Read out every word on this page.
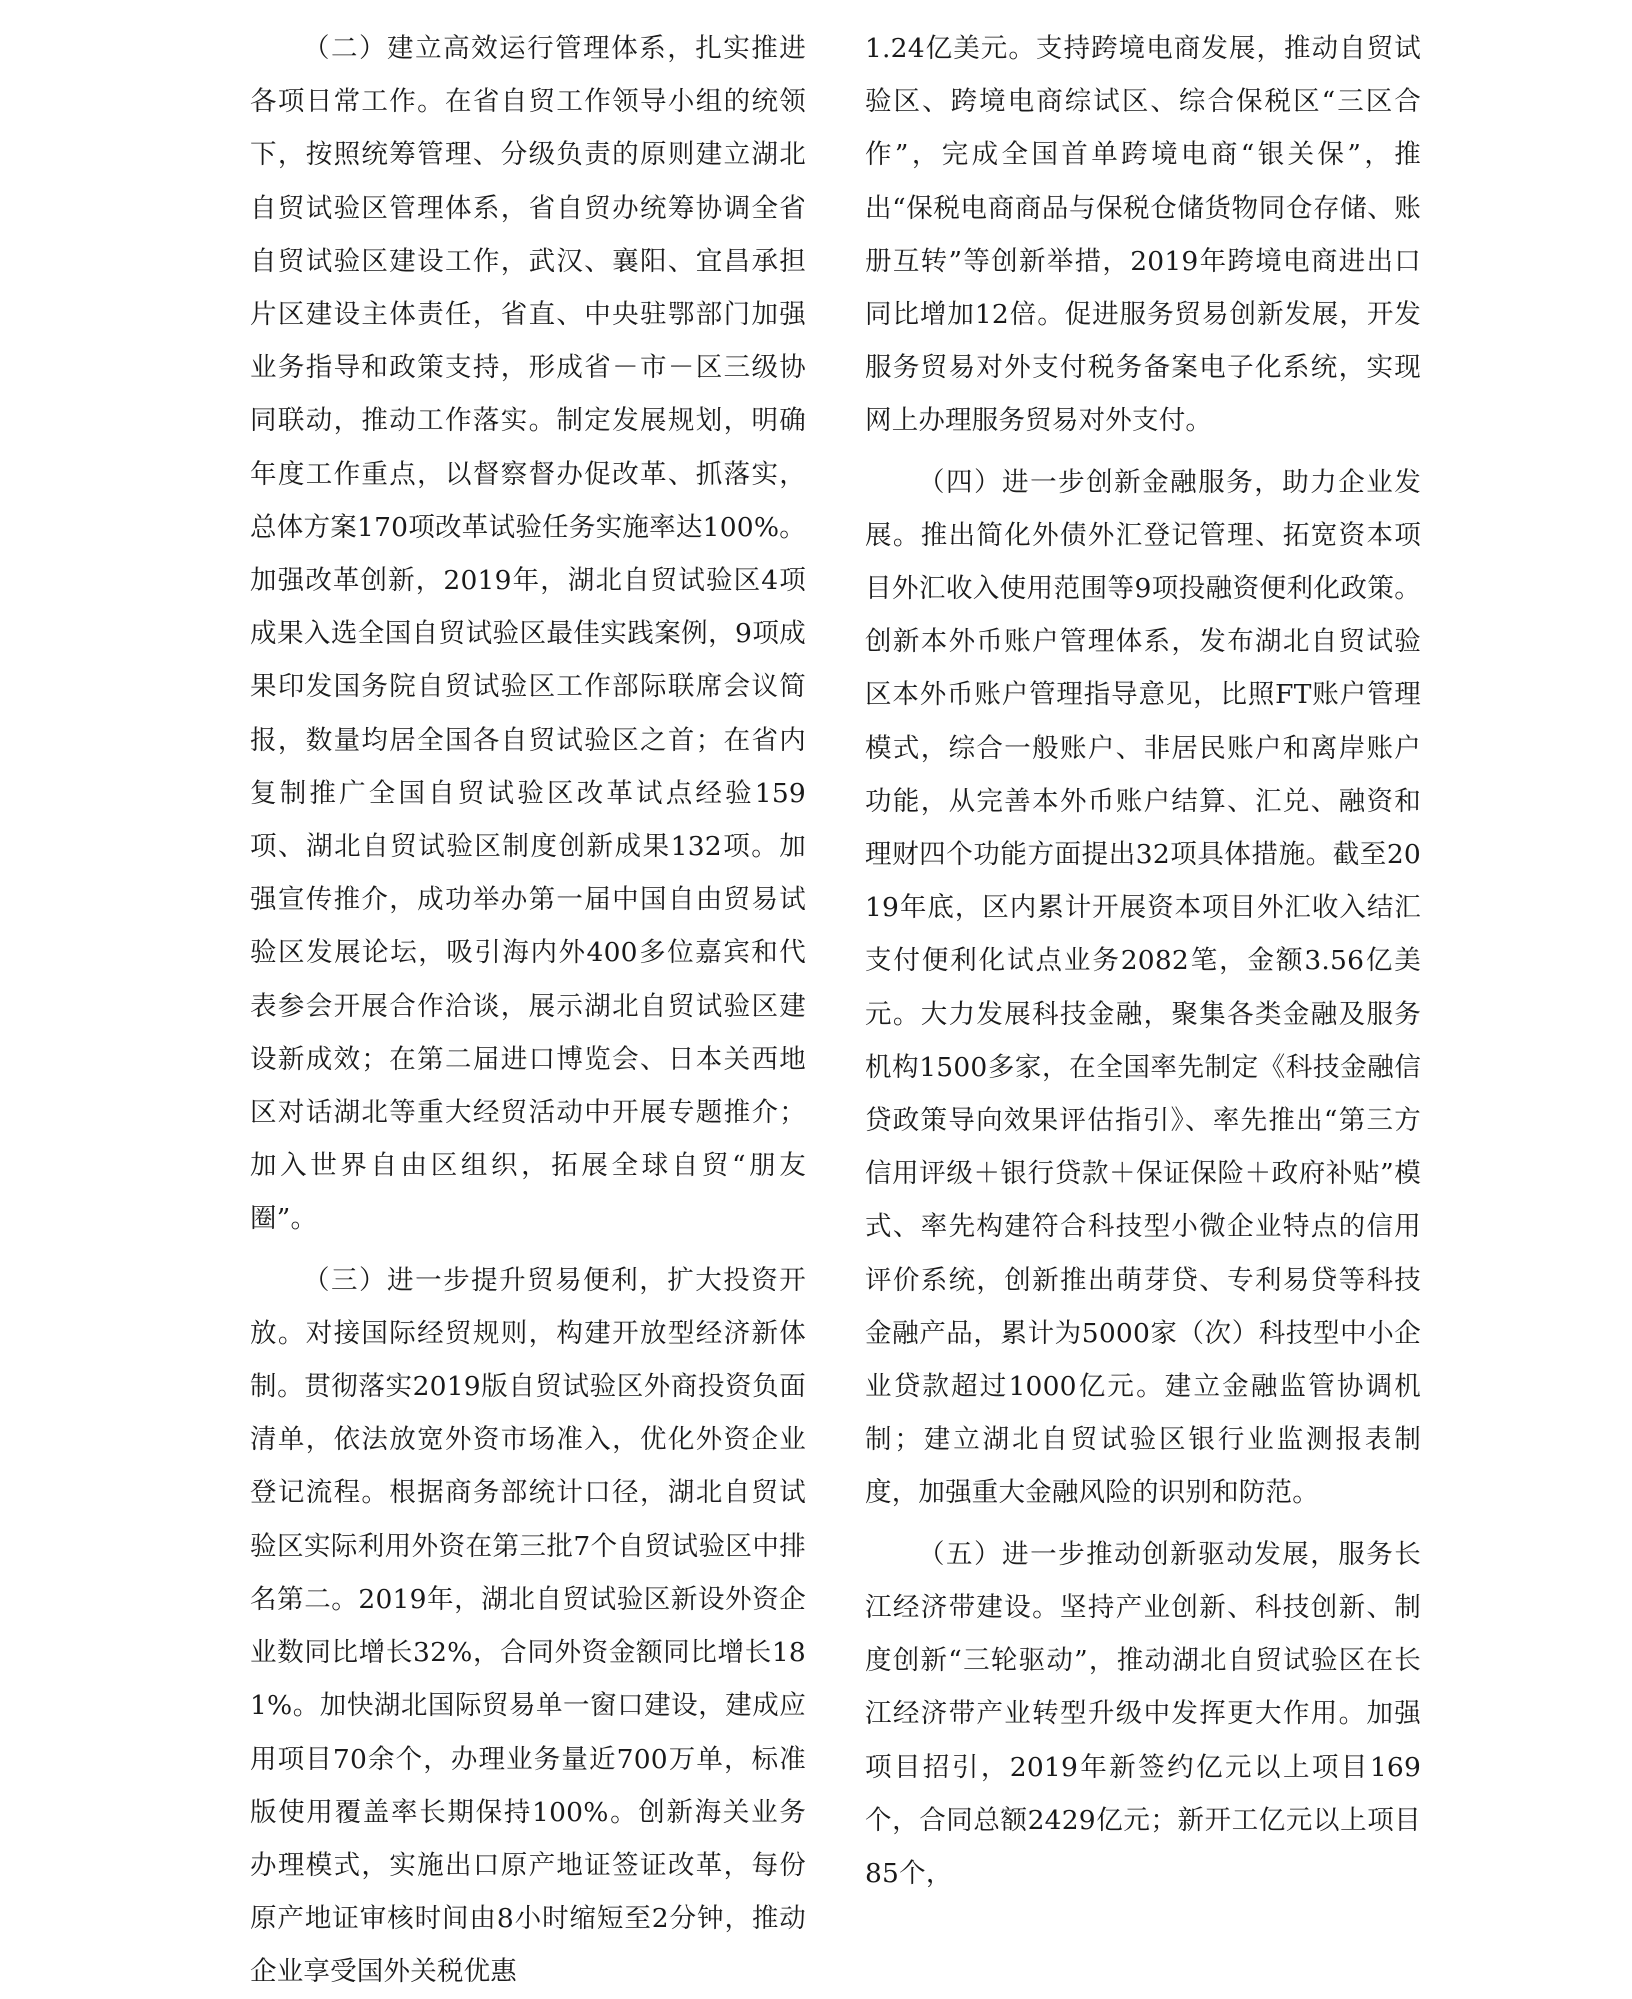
（二）建立高效运行管理体系，扎实推进各项日常工作。在省自贸工作领导小组的统领下，按照统筹管理、分级负责的原则建立湖北自贸试验区管理体系，省自贸办统筹协调全省自贸试验区建设工作，武汉、襄阳、宜昌承担片区建设主体责任，省直、中央驻鄂部门加强业务指导和政策支持，形成省－市－区三级协同联动，推动工作落实。制定发展规划，明确年度工作重点，以督察督办促改革、抓落实，总体方案170项改革试验任务实施率达100%。加强改革创新，2019年，湖北自贸试验区4项成果入选全国自贸试验区最佳实践案例，9项成果印发国务院自贸试验区工作部际联席会议简报，数量均居全国各自贸试验区之首；在省内复制推广全国自贸试验区改革试点经验159项、湖北自贸试验区制度创新成果132项。加强宣传推介，成功举办第一届中国自由贸易试验区发展论坛，吸引海内外400多位嘉宾和代表参会开展合作洽谈，展示湖北自贸试验区建设新成效；在第二届进口博览会、日本关西地区对话湖北等重大经贸活动中开展专题推介；加入世界自由区组织，拓展全球自贸“朋友圈”。

（三）进一步提升贸易便利，扩大投资开放。对接国际经贸规则，构建开放型经济新体制。贯彻落实2019版自贸试验区外商投资负面清单，依法放宽外资市场准入，优化外资企业登记流程。根据商务部统计口径，湖北自贸试验区实际利用外资在第三批7个自贸试验区中排名第二。2019年，湖北自贸试验区新设外资企业数同比增长32%，合同外资金额同比增长181%。加快湖北国际贸易单一窗口建设，建成应用项目70余个，办理业务量近700万单，标准版使用覆盖率长期保持100%。创新海关业务办理模式，实施出口原产地证签证改革，每份原产地证审核时间由8小时缩短至2分钟，推动企业享受国外关税优惠

1.24亿美元。支持跨境电商发展，推动自贸试验区、跨境电商综试区、综合保税区“三区合作”，完成全国首单跨境电商“银关保”，推出“保税电商商品与保税仓储货物同仓存储、账册互转”等创新举措，2019年跨境电商进出口同比增加12倍。促进服务贸易创新发展，开发服务贸易对外支付税务备案电子化系统，实现网上办理服务贸易对外支付。

（四）进一步创新金融服务，助力企业发展。推出简化外债外汇登记管理、拓宽资本项目外汇收入使用范围等9项投融资便利化政策。创新本外币账户管理体系，发布湖北自贸试验区本外币账户管理指导意见，比照FT账户管理模式，综合一般账户、非居民账户和离岸账户功能，从完善本外币账户结算、汇兑、融资和理财四个功能方面提出32项具体措施。截至2019年底，区内累计开展资本项目外汇收入结汇支付便利化试点业务2082笔，金额3.56亿美元。大力发展科技金融，聚集各类金融及服务机构1500多家，在全国率先制定《科技金融信贷政策导向效果评估指引》、率先推出“第三方信用评级＋银行贷款＋保证保险＋政府补贴”模式、率先构建符合科技型小微企业特点的信用评价系统，创新推出萌芽贷、专利易贷等科技金融产品，累计为5000家（次）科技型中小企业贷款超过1000亿元。建立金融监管协调机制；建立湖北自贸试验区银行业监测报表制度，加强重大金融风险的识别和防范。

（五）进一步推动创新驱动发展，服务长江经济带建设。坚持产业创新、科技创新、制度创新“三轮驱动”，推动湖北自贸试验区在长江经济带产业转型升级中发挥更大作用。加强项目招引，2019年新签约亿元以上项目169个，合同总额2429亿元；新开工亿元以上项目85个，
